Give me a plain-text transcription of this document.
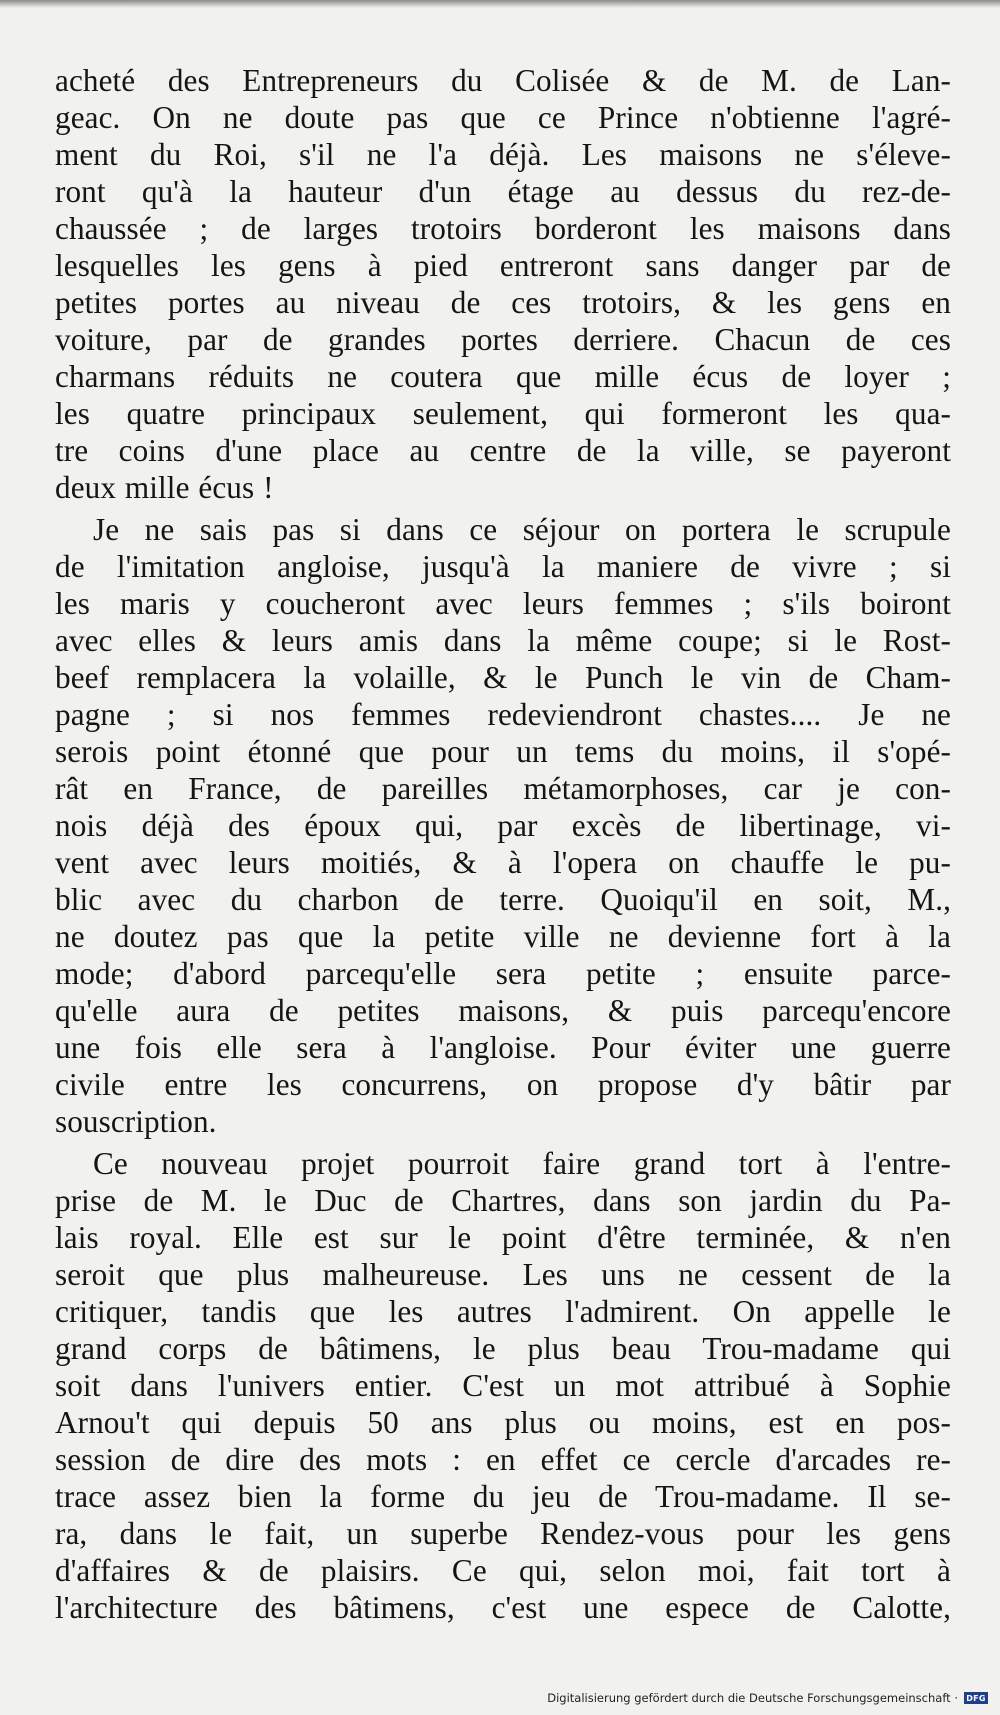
acheté des Entrepreneurs du Colisée & de M. de Lan-
geac. On ne doute pas que ce Prince n'obtienne l'agré-
ment du Roi, s'il ne l'a déjà. Les maisons ne s'éleve-
ront qu'à la hauteur d'un étage au dessus du rez-de-
chaussée ; de larges trotoirs borderont les maisons dans
lesquelles les gens à pied entreront sans danger par de
petites portes au niveau de ces trotoirs, & les gens en
voiture, par de grandes portes derriere. Chacun de ces
charmans réduits ne coutera que mille écus de loyer ;
les quatre principaux seulement, qui formeront les qua-
tre coins d'une place au centre de la ville, se payeront
deux mille écus !
Je ne sais pas si dans ce séjour on portera le scrupule
de l'imitation angloise, jusqu'à la maniere de vivre ; si
les maris y coucheront avec leurs femmes ; s'ils boiront
avec elles & leurs amis dans la même coupe; si le Rost-
beef remplacera la volaille, & le Punch le vin de Cham-
pagne ; si nos femmes redeviendront chastes.... Je ne
serois point étonné que pour un tems du moins, il s'opé-
rât en France, de pareilles métamorphoses, car je con-
nois déjà des époux qui, par excès de libertinage, vi-
vent avec leurs moitiés, & à l'opera on chauffe le pu-
blic avec du charbon de terre. Quoiqu'il en soit, M.,
ne doutez pas que la petite ville ne devienne fort à la
mode; d'abord parcequ'elle sera petite ; ensuite parce-
qu'elle aura de petites maisons, & puis parcequ'encore
une fois elle sera à l'angloise. Pour éviter une guerre
civile entre les concurrens, on propose d'y bâtir par
souscription.
Ce nouveau projet pourroit faire grand tort à l'entre-
prise de M. le Duc de Chartres, dans son jardin du Pa-
lais royal. Elle est sur le point d'être terminée, & n'en
seroit que plus malheureuse. Les uns ne cessent de la
critiquer, tandis que les autres l'admirent. On appelle le
grand corps de bâtimens, le plus beau Trou-madame qui
soit dans l'univers entier. C'est un mot attribué à Sophie
Arnou't qui depuis 50 ans plus ou moins, est en pos-
session de dire des mots : en effet ce cercle d'arcades re-
trace assez bien la forme du jeu de Trou-madame. Il se-
ra, dans le fait, un superbe Rendez-vous pour les gens
d'affaires & de plaisirs. Ce qui, selon moi, fait tort à
l'architecture des bâtimens, c'est une espece de Calotte,
Digitalisierung gefördert durch die Deutsche Forschungsgemeinschaft · DFG
